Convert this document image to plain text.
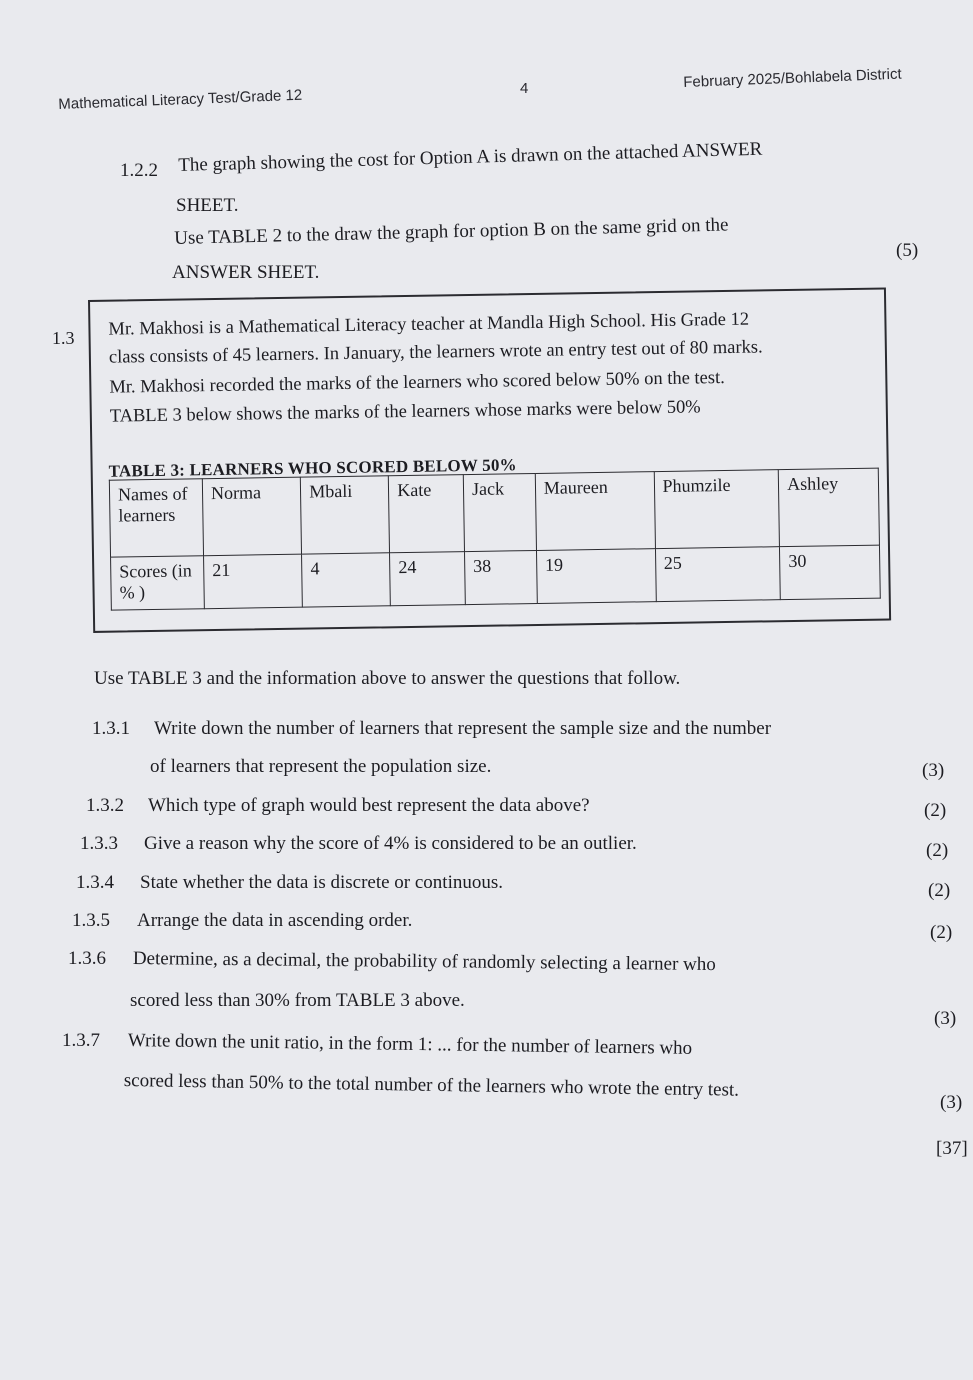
Mathematical Literacy Test/Grade 12	4	February 2025/Bohlabela District
1.2.2 The graph showing the cost for Option A is drawn on the attached ANSWER
SHEET.
Use TABLE 2 to the draw the graph for option B on the same grid on the
ANSWER SHEET.
(5)
1.3 Mr. Makhosi is a Mathematical Literacy teacher at Mandla High School. His Grade 12
class consists of 45 learners. In January, the learners wrote an entry test out of 80 marks.
Mr. Makhosi recorded the marks of the learners who scored below 50% on the test.
TABLE 3 below shows the marks of the learners whose marks were below 50%
TABLE 3: LEARNERS WHO SCORED BELOW 50%
Names of learners	Norma	Mbali	Kate	Jack	Maureen	Phumzile	Ashley
Scores (in % )	21	4	24	38	19	25	30
Use TABLE 3 and the information above to answer the questions that follow.
1.3.1 Write down the number of learners that represent the sample size and the number
of learners that represent the population size.	(3)
1.3.2 Which type of graph would best represent the data above?	(2)
1.3.3 Give a reason why the score of 4% is considered to be an outlier.	(2)
1.3.4 State whether the data is discrete or continuous.	(2)
1.3.5 Arrange the data in ascending order.
(2)
1.3.6 Determine, as a decimal, the probability of randomly selecting a learner who
scored less than 30% from TABLE 3 above.
(3)
1.3.7 Write down the unit ratio, in the form 1: ... for the number of learners who
scored less than 50% to the total number of the learners who wrote the entry test.
(3)
[37]
